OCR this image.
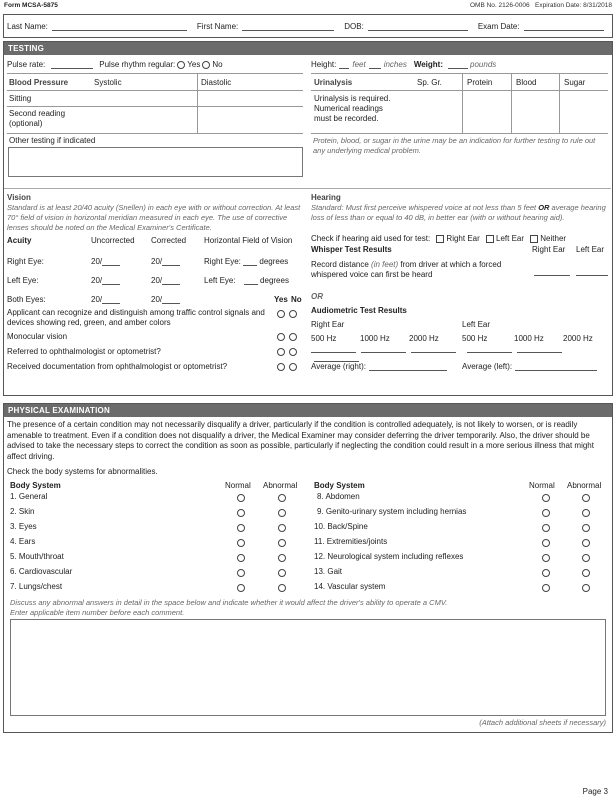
Form MCSA-5875	OMB No. 2126-0006 Expiration Date: 8/31/2018
Last Name:	First Name:	DOB:	Exam Date:
TESTING
Pulse rate:	Pulse rhythm regular: Yes No	Height: feet inches Weight:	pounds
Blood Pressure	Systolic	Diastolic
Sitting
Second reading
(optional)
Other testing if indicated
Urinalysis	Sp. Gr.	Protein	Blood	Sugar
Urinalysis is required.
Numerical readings
must be recorded.
Protein, blood, or sugar in the urine may be an indication for further testing to rule out any underlying medical problem.
Vision
Standard is at least 20/40 acuity (Snellen) in each eye with or without correction. At least 70° field of vision in horizontal meridian measured in each eye. The use of corrective lenses should be noted on the Medical Examiner's Certificate.
Acuity	Uncorrected Corrected Horizontal Field of Vision
Right Eye:	20/	20/	Right Eye: degrees
Left Eye:	20/	20/	Left Eye:	degrees
Both Eyes:	20/	20/	Yes No
Applicant can recognize and distinguish among traffic control signals and devices showing red, green, and amber colors
Monocular vision
Referred to ophthalmologist or optometrist?
Received documentation from ophthalmologist or optometrist?
Hearing
Standard: Must first perceive whispered voice at not less than 5 feet OR average hearing loss of less than or equal to 40 dB, in better ear (with or without hearing aid).
Check if hearing aid used for test: Right Ear Left Ear Neither
Whisper Test Results	Right Ear Left Ear
Record distance (in feet) from driver at which a forced
whispered voice can first be heard
OR
Audiometric Test Results
Right Ear	Left Ear
500 Hz	1000 Hz 2000 Hz	500 Hz	1000 Hz 2000 Hz

Average (right):	Average (left):
PHYSICAL EXAMINATION
The presence of a certain condition may not necessarily disqualify a driver, particularly if the condition is controlled adequately, is not likely to worsen, or is readily amenable to treatment. Even if a condition does not disqualify a driver, the Medical Examiner may consider deferring the driver temporarily. Also, the driver should be advised to take the necessary steps to correct the condition as soon as possible, particularly if neglecting the condition could result in a more serious illness that might affect driving.
Check the body systems for abnormalities.
Body System	Normal Abnormal Body System	Normal Abnormal
1. General
2. Skin
3. Eyes
4. Ears
5. Mouth/throat
6. Cardiovascular
7. Lungs/chest
8. Abdomen
9. Genito-urinary system including hernias
10. Back/Spine
11. Extremities/joints
12. Neurological system including reflexes
13. Gait
14. Vascular system
Discuss any abnormal answers in detail in the space below and indicate whether it would affect the driver's ability to operate a CMV.
Enter applicable item number before each comment.
(Attach additional sheets if necessary)
Page 3
